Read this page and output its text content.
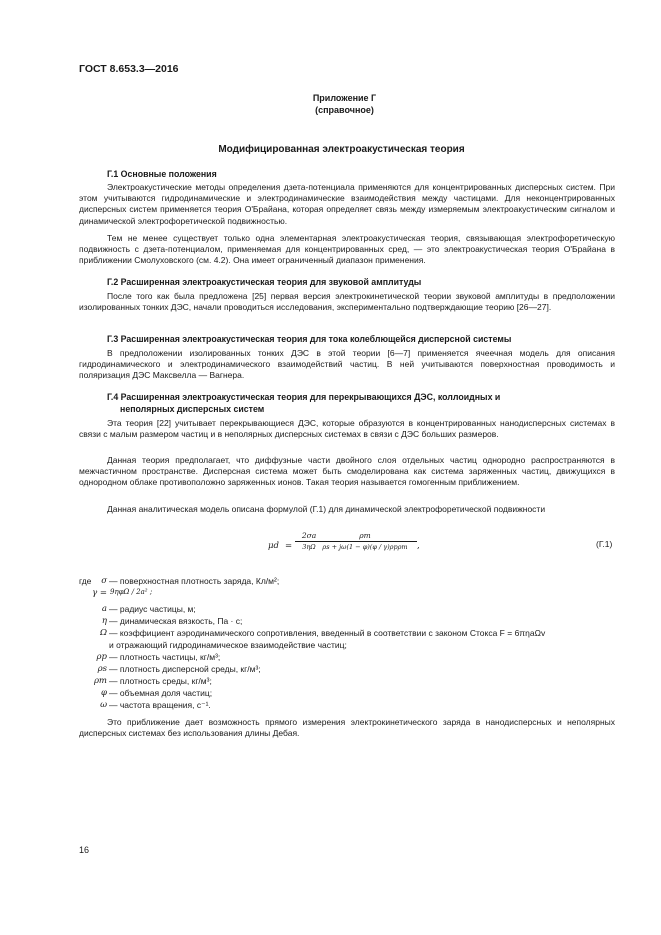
ГОСТ 8.653.3—2016
Приложение Г
(справочное)
Модифицированная электроакустическая теория
Г.1 Основные положения
Электроакустические методы определения дзета-потенциала применяются для концентрированных дисперсных систем. При этом учитываются гидродинамические и электродинамические взаимодействия между частицами. Для неконцентрированных дисперсных систем применяется теория О'Брайана, которая определяет связь между измеряемым электроакустическим сигналом и динамической электрофоретической подвижностью.
Тем не менее существует только одна элементарная электроакустическая теория, связывающая электрофоретическую подвижность с дзета-потенциалом, применяемая для концентрированных сред, — это электроакустическая теория О'Брайана в приближении Смолуховского (см. 4.2). Она имеет ограниченный диапазон применения.
Г.2 Расширенная электроакустическая теория для звуковой амплитуды
После того как была предложена [25] первая версия электрокинетической теории звуковой амплитуды в предположении изолированных тонких ДЭС, начали проводиться исследования, экспериментально подтверждающие теорию [26—27].
Г.3 Расширенная электроакустическая теория для тока колеблющейся дисперсной системы
В предположении изолированных тонких ДЭС в этой теории [6—7] применяется ячеечная модель для описания гидродинамического и электродинамического взаимодействий частиц. В ней учитываются поверхностная проводимость и поляризация ДЭС Максвелла — Вагнера.
Г.4 Расширенная электроакустическая теория для перекрывающихся ДЭС, коллоидных и
неполярных дисперсных систем
Эта теория [22] учитывает перекрывающиеся ДЭС, которые образуются в концентрированных нанодисперсных системах в связи с малым размером частиц и в неполярных дисперсных системах в связи с ДЭС больших размеров.
Данная теория предполагает, что диффузные части двойного слоя отдельных частиц однородно распространяются в межчастичном пространстве. Дисперсная система может быть смоделирована как система заряженных частиц, движущихся в однородном облаке противоположно заряженных ионов. Такая теория называется гомогенным приближением.
Данная аналитическая модель описана формулой (Г.1) для динамической электрофоретической подвижности
$\mu d = \frac{2\sigma a}{3\eta\Omega}$	ρm
ρs + jω(1 − φ)(φ / γ)ρpρm	,	(Г.1)
где	σ — поверхностная плотность заряда, Кл/м²;
γ = 9ηφΩ / 2a² ;
a — радиус частицы, м;
η — динамическая вязкость, Па · с;
Ω — коэффициент аэродинамического сопротивления, введенный в соответствии с законом Стокса F = 6πηaΩv
и отражающий гидродинамическое взаимодействие частиц;
ρp — плотность частицы, кг/м³;
ρs — плотность дисперсной среды, кг/м³;
ρm — плотность среды, кг/м³;
φ — объемная доля частиц;
ω — частота вращения, с⁻¹.
Это приближение дает возможность прямого измерения электрокинетического заряда в нанодисперсных и неполярных дисперсных системах без использования длины Дебая.
16
